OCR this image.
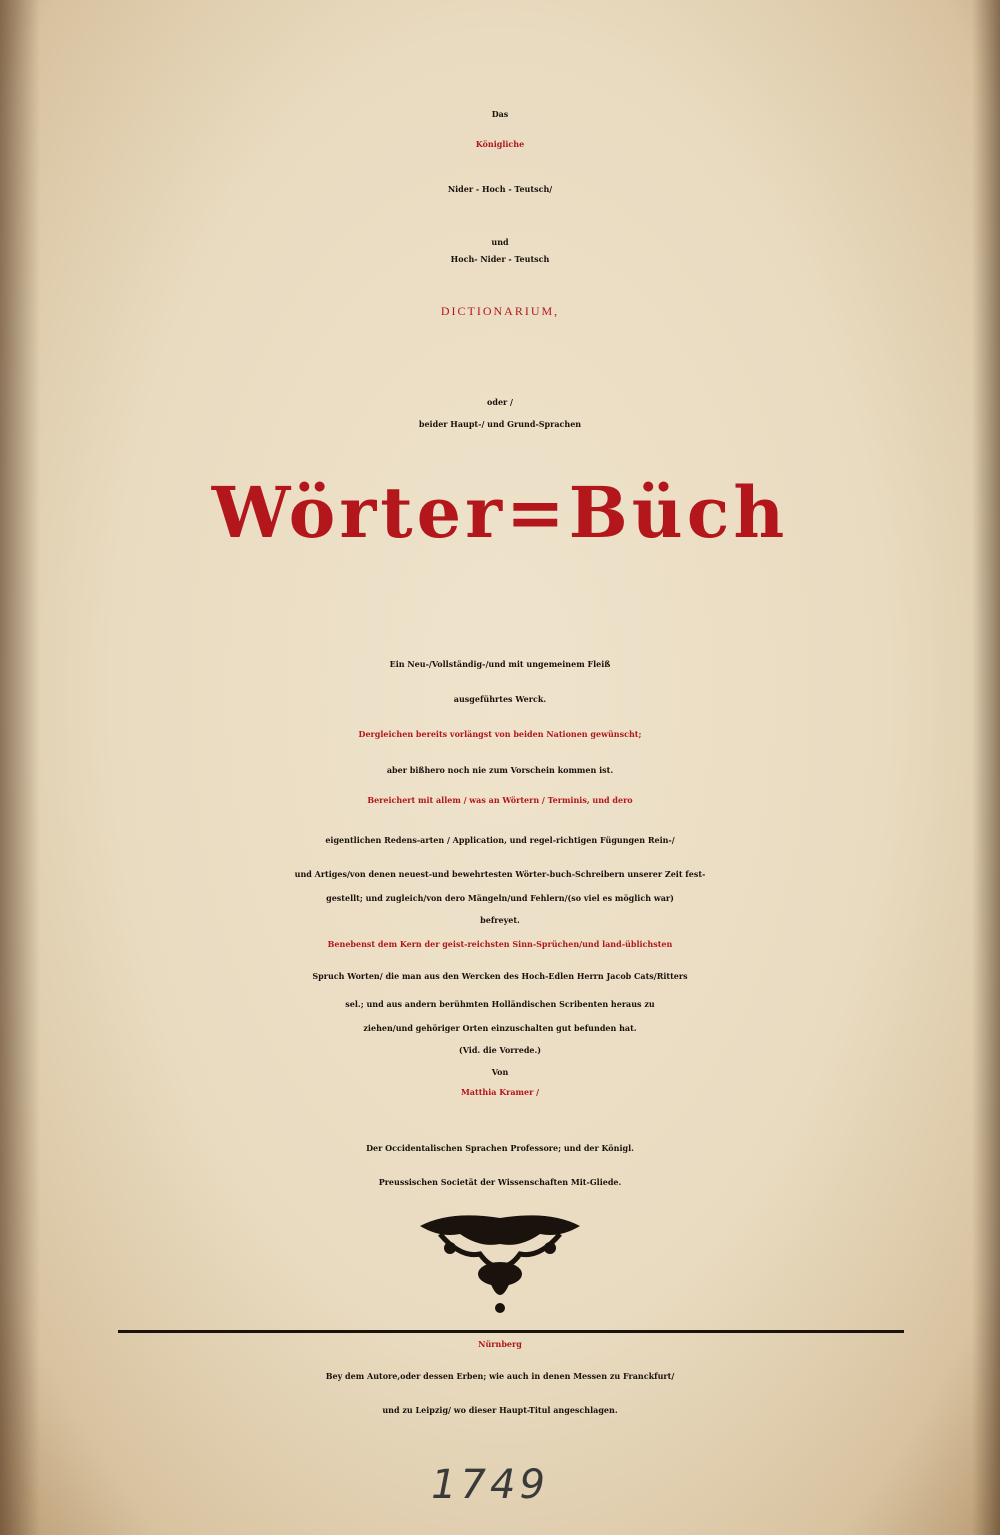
Das
Königliche
Nider - Hoch - Teutsch/
und
Hoch- Nider - Teutsch
DICTIONARIUM,
oder /
beider Haupt-/ und Grund-Sprachen
Wörter=Büch
Ein Neu-/Vollständig-/und mit ungemeinem Fleiß
ausgeführtes Werck.
Dergleichen bereits vorlängst von beiden Nationen gewünscht;
aber bißhero noch nie zum Vorschein kommen ist.
Bereichert mit allem / was an Wörtern / Terminis, und dero
eigentlichen Redens-arten / Application, und regel-richtigen Fügungen Rein-/
und Artiges/von denen neuest-und bewehrtesten Wörter-buch-Schreibern unserer Zeit fest-
gestellt; und zugleich/von dero Mängeln/und Fehlern/(so viel es möglich war)
befreyet.
Benebenst dem Kern der geist-reichsten Sinn-Sprüchen/und land-üblichsten
Spruch Worten/ die man aus den Wercken des Hoch-Edlen Herrn Jacob Cats/Ritters
sel.; und aus andern berühmten Holländischen Scribenten heraus zu
ziehen/und gehöriger Orten einzuschalten gut befunden hat.
(Vid. die Vorrede.)
Von
Matthia Kramer /
Der Occidentalischen Sprachen Professore; und der Königl.
Preussischen Societät der Wissenschaften Mit-Gliede.
Nürnberg
Bey dem Autore,oder dessen Erben; wie auch in denen Messen zu Franckfurt/
und zu Leipzig/ wo dieser Haupt-Titul angeschlagen.
1749
